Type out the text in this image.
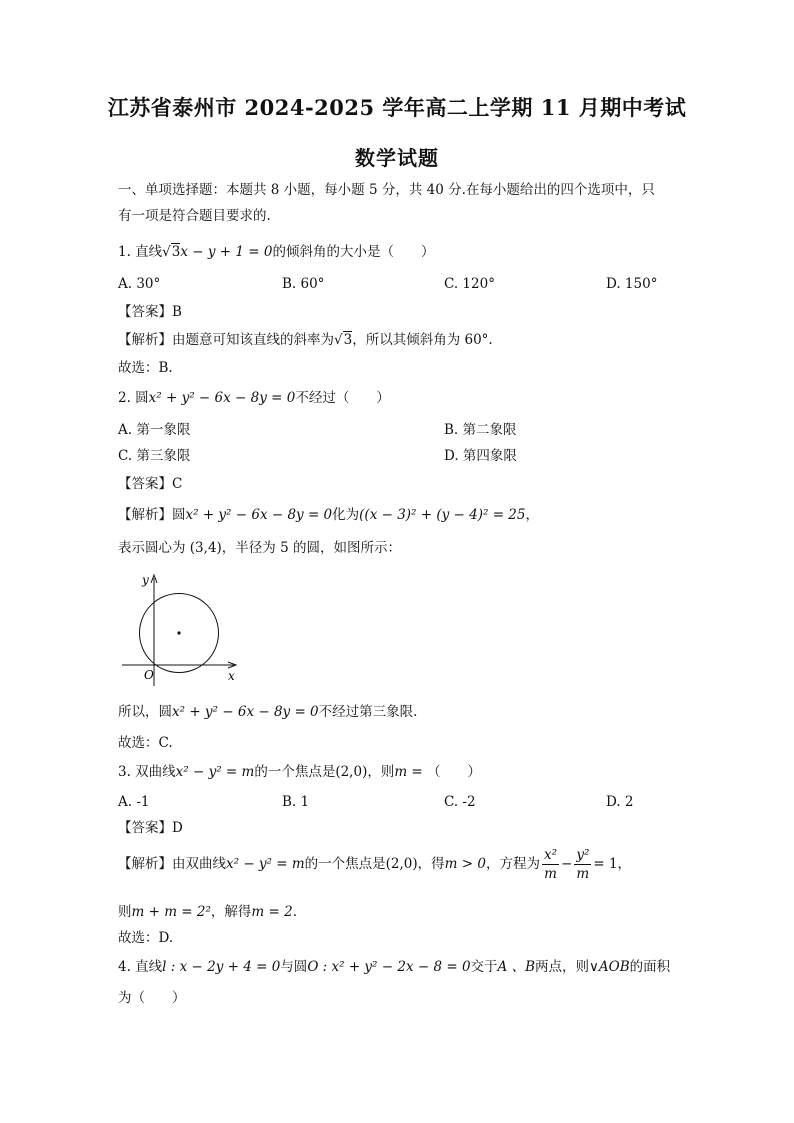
江苏省泰州市 2024-2025 学年高二上学期 11 月期中考试
数学试题
一、单项选择题：本题共 8 小题，每小题 5 分，共 40 分.在每小题给出的四个选项中，只
有一项是符合题目要求的.
1. 直线√3x − y + 1 = 0的倾斜角的大小是（　　）
A. 30°	B. 60°	C. 120°	D. 150°
【答案】B
【解析】由题意可知该直线的斜率为√3，所以其倾斜角为 60°.
故选：B.
2. 圆x² + y² − 6x − 8y = 0不经过（　　）
A. 第一象限	B. 第二象限
C. 第三象限	D. 第四象限
【答案】C
【解析】圆x² + y² − 6x − 8y = 0化为((x − 3)² + (y − 4)² = 25，
表示圆心为 (3,4)，半径为 5 的圆，如图所示：
y
x
O
所以，圆x² + y² − 6x − 8y = 0不经过第三象限.
故选：C.
3. 双曲线x² − y² = m的一个焦点是(2,0)，则m = （　　）
A. -1	B. 1	C. -2	D. 2
【答案】D
【解析】由双曲线x² − y² = m的一个焦点是(2,0)，得m > 0，方程为 $\frac{\text{x²}}{m} - \frac{\text{y²}}{m} = 1$，
则m + m = 2²，解得m = 2.
故选：D.
4. 直线l : x − 2y + 4 = 0与圆O : x² + y² − 2x − 8 = 0交于A 、B两点，则∨AOB的面积
为（　　）
